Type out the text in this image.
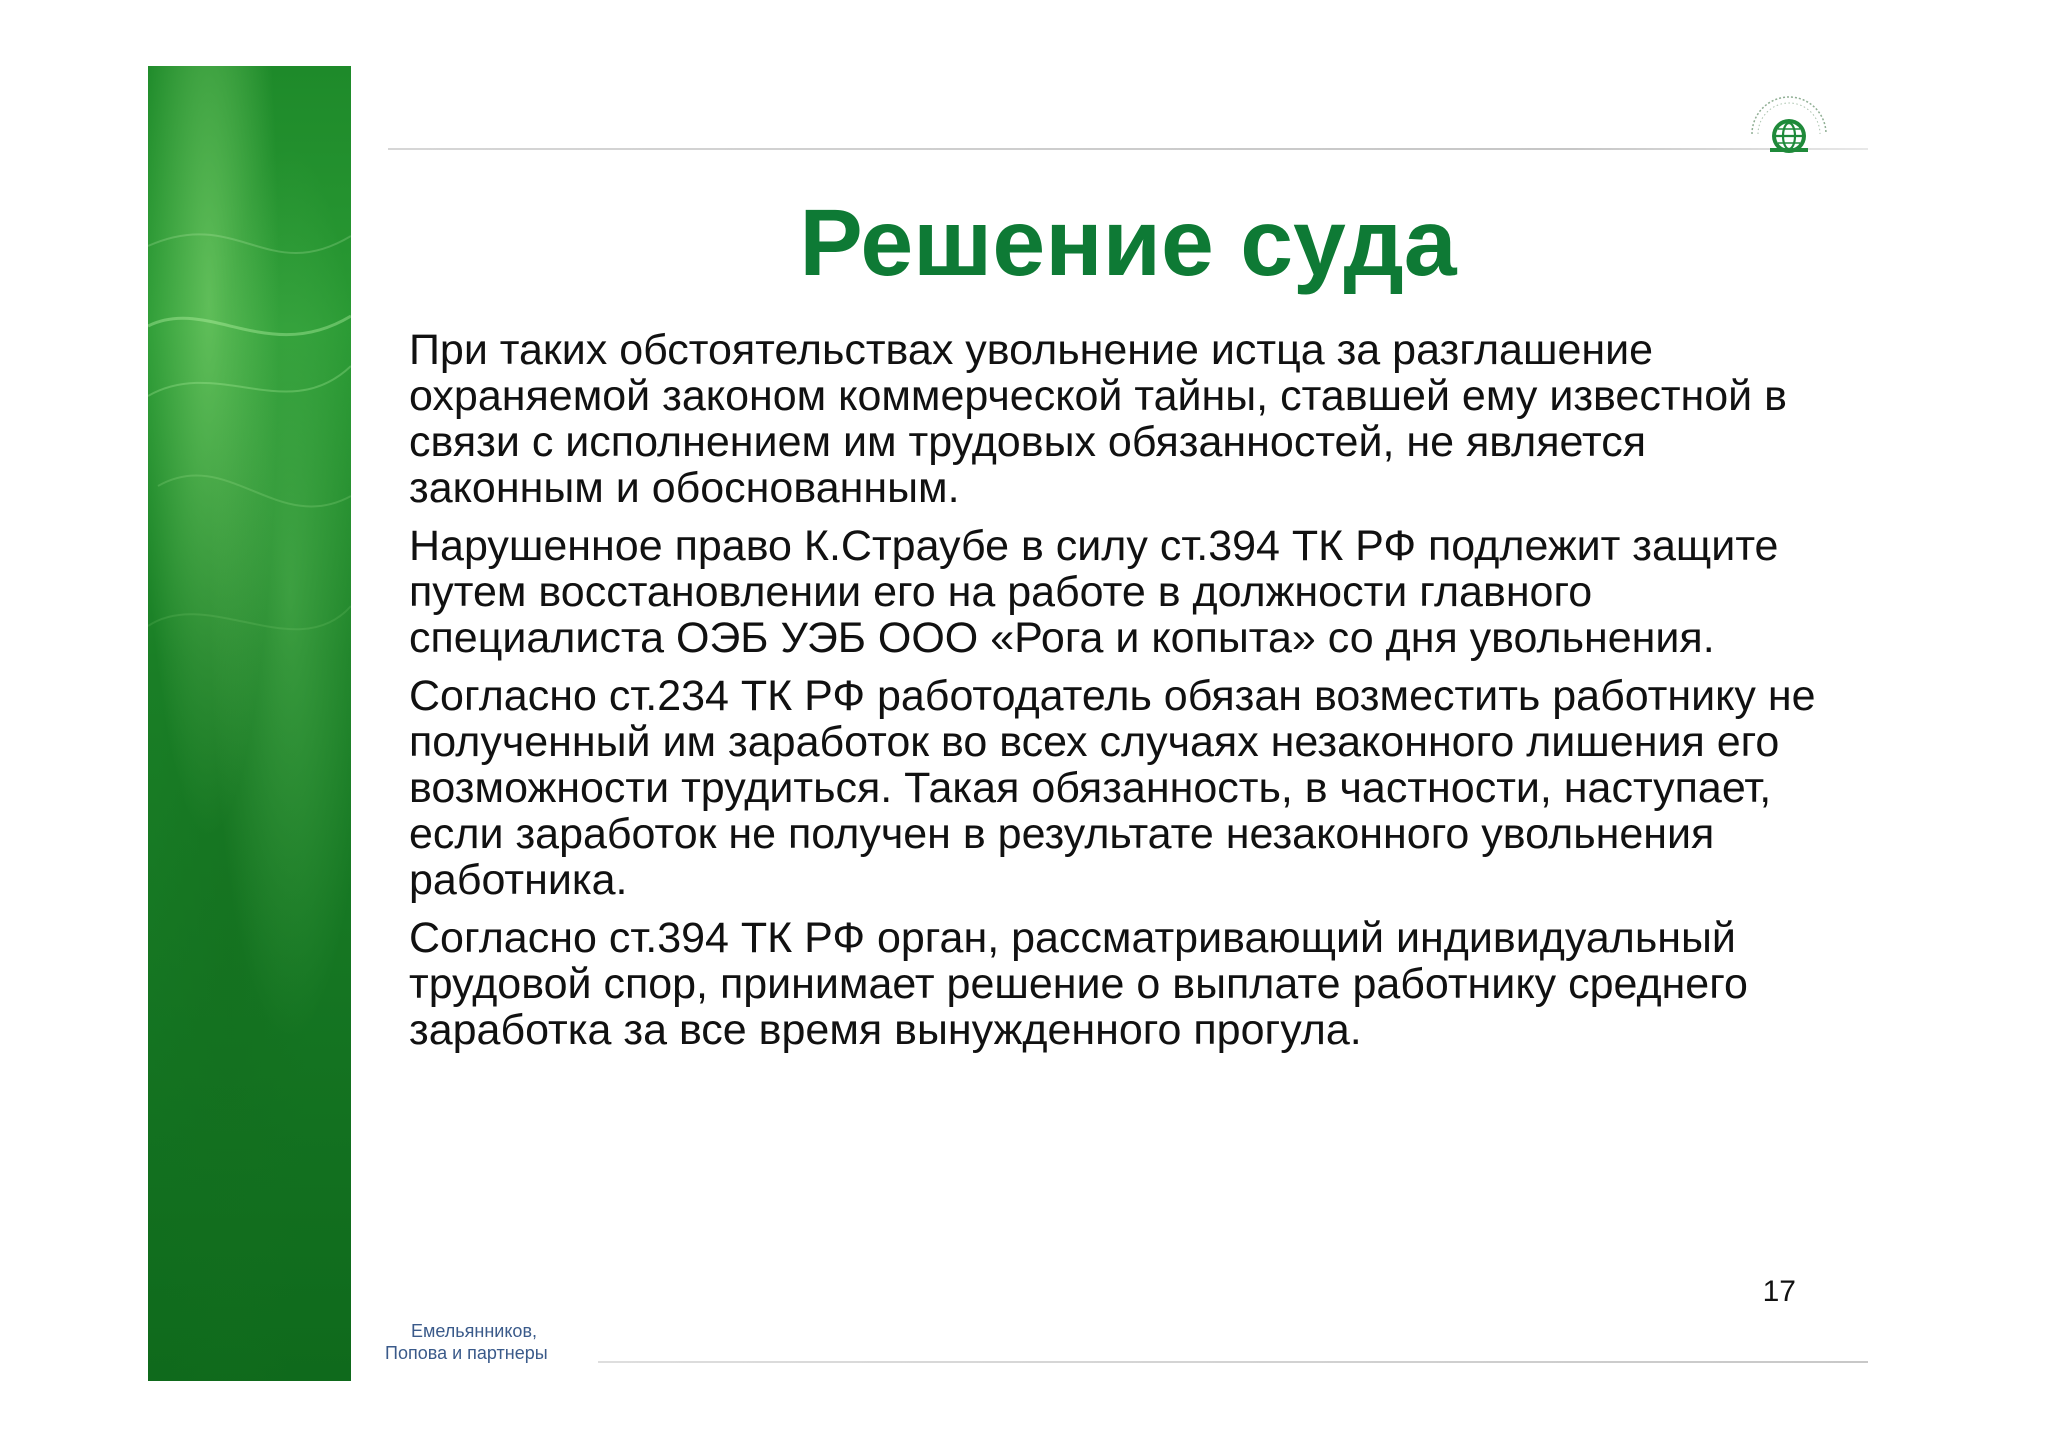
Решение суда

При таких обстоятельствах увольнение истца за разглашение охраняемой законом коммерческой тайны, ставшей ему известной в связи с исполнением им трудовых обязанностей, не является законным и обоснованным.

Нарушенное право К.Страубе в силу ст.394 ТК РФ подлежит защите путем восстановлении его на работе в должности главного специалиста ОЭБ УЭБ ООО «Рога и копыта» со дня увольнения.

Согласно ст.234 ТК РФ работодатель обязан возместить работнику не полученный им заработок во всех случаях незаконного лишения его возможности трудиться. Такая обязанность, в частности, наступает, если заработок не получен в результате незаконного увольнения работника.

Согласно ст.394 ТК РФ орган, рассматривающий индивидуальный трудовой спор, принимает решение о выплате работнику среднего заработка за все время вынужденного прогула.

17
Емельянников,
Попова и партнеры
